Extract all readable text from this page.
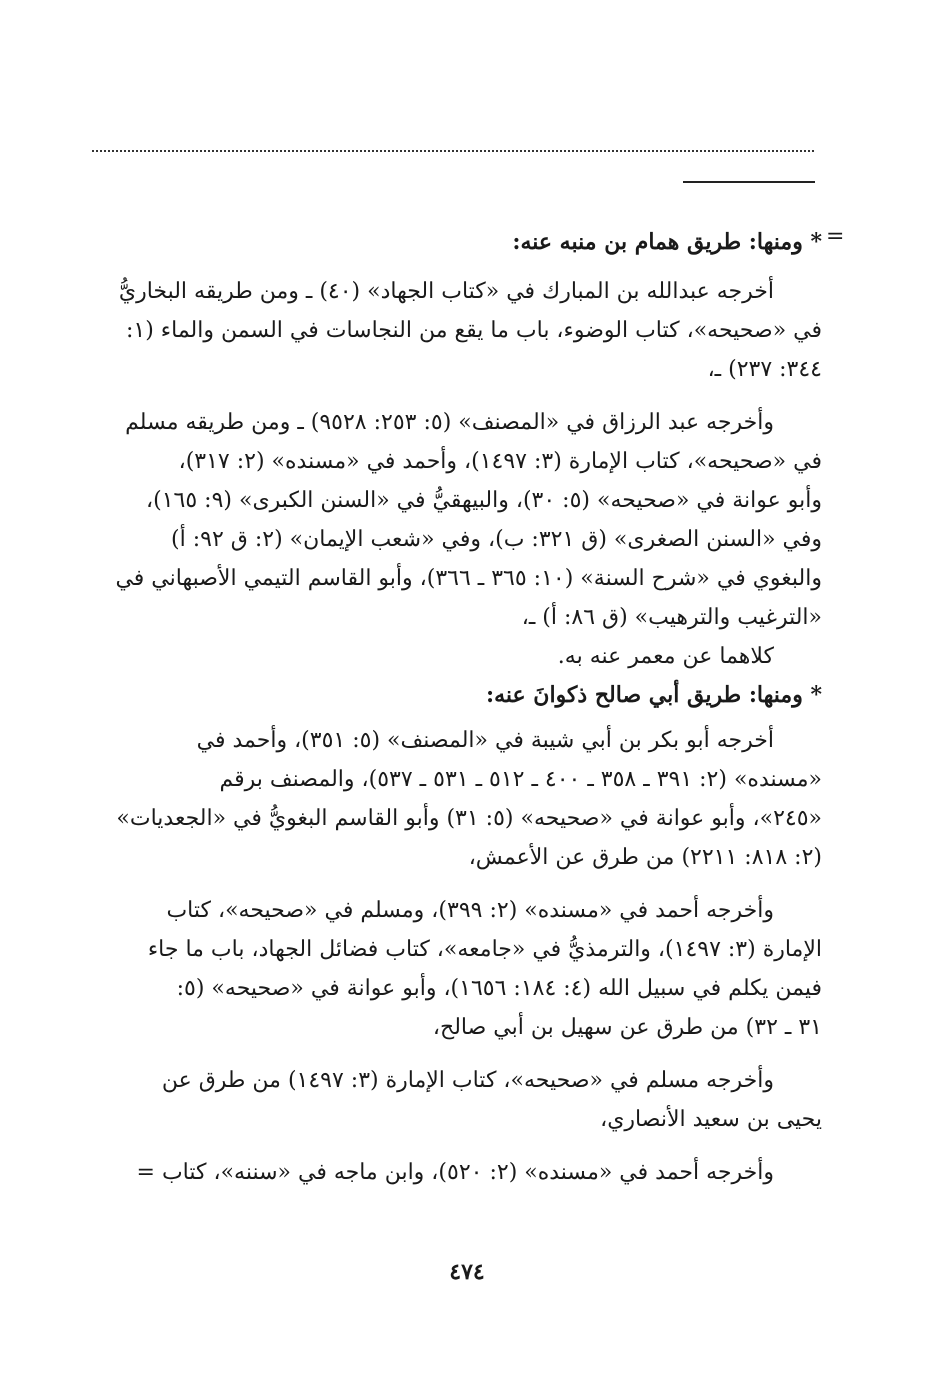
=
* ومنها: طريق همام بن منبه عنه:
أخرجه عبدالله بن المبارك في «كتاب الجهاد» (٤٠) ـ ومن طريقه البخاريُّ
في «صحيحه»، كتاب الوضوء، باب ما يقع من النجاسات في السمن والماء (١:
٣٤٤: ٢٣٧) ـ،
وأخرجه عبد الرزاق في «المصنف» (٥: ٢٥٣: ٩٥٢٨) ـ ومن طريقه مسلم
في «صحيحه»، كتاب الإمارة (٣: ١٤٩٧)، وأحمد في «مسنده» (٢: ٣١٧)،
وأبو عوانة في «صحيحه» (٥: ٣٠)، والبيهقيُّ في «السنن الكبرى» (٩: ١٦٥)،
وفي «السنن الصغرى» (ق ٣٢١: ب)، وفي «شعب الإيمان» (٢: ق ٩٢: أ)
والبغوي في «شرح السنة» (١٠: ٣٦٥ ـ ٣٦٦)، وأبو القاسم التيمي الأصبهاني في
«الترغيب والترهيب» (ق ٨٦: أ) ـ،
كلاهما عن معمر عنه به.
* ومنها: طريق أبي صالح ذكوانَ عنه:
أخرجه أبو بكر بن أبي شيبة في «المصنف» (٥: ٣٥١)، وأحمد في
«مسنده» (٢: ٣٩١ ـ ٣٥٨ ـ ٤٠٠ ـ ٥١٢ ـ ٥٣١ ـ ٥٣٧)، والمصنف برقم
«٢٤٥»، وأبو عوانة في «صحيحه» (٥: ٣١) وأبو القاسم البغويُّ في «الجعديات»
(٢: ٨١٨: ٢٢١١) من طرق عن الأعمش،
وأخرجه أحمد في «مسنده» (٢: ٣٩٩)، ومسلم في «صحيحه»، كتاب
الإمارة (٣: ١٤٩٧)، والترمذيُّ في «جامعه»، كتاب فضائل الجهاد، باب ما جاء
فيمن يكلم في سبيل الله (٤: ١٨٤: ١٦٥٦)، وأبو عوانة في «صحيحه» (٥:
٣١ ـ ٣٢) من طرق عن سهيل بن أبي صالح،
وأخرجه مسلم في «صحيحه»، كتاب الإمارة (٣: ١٤٩٧) من طرق عن
يحيى بن سعيد الأنصاري،
وأخرجه أحمد في «مسنده» (٢: ٥٢٠)، وابن ماجه في «سننه»، كتاب =
٤٧٤
